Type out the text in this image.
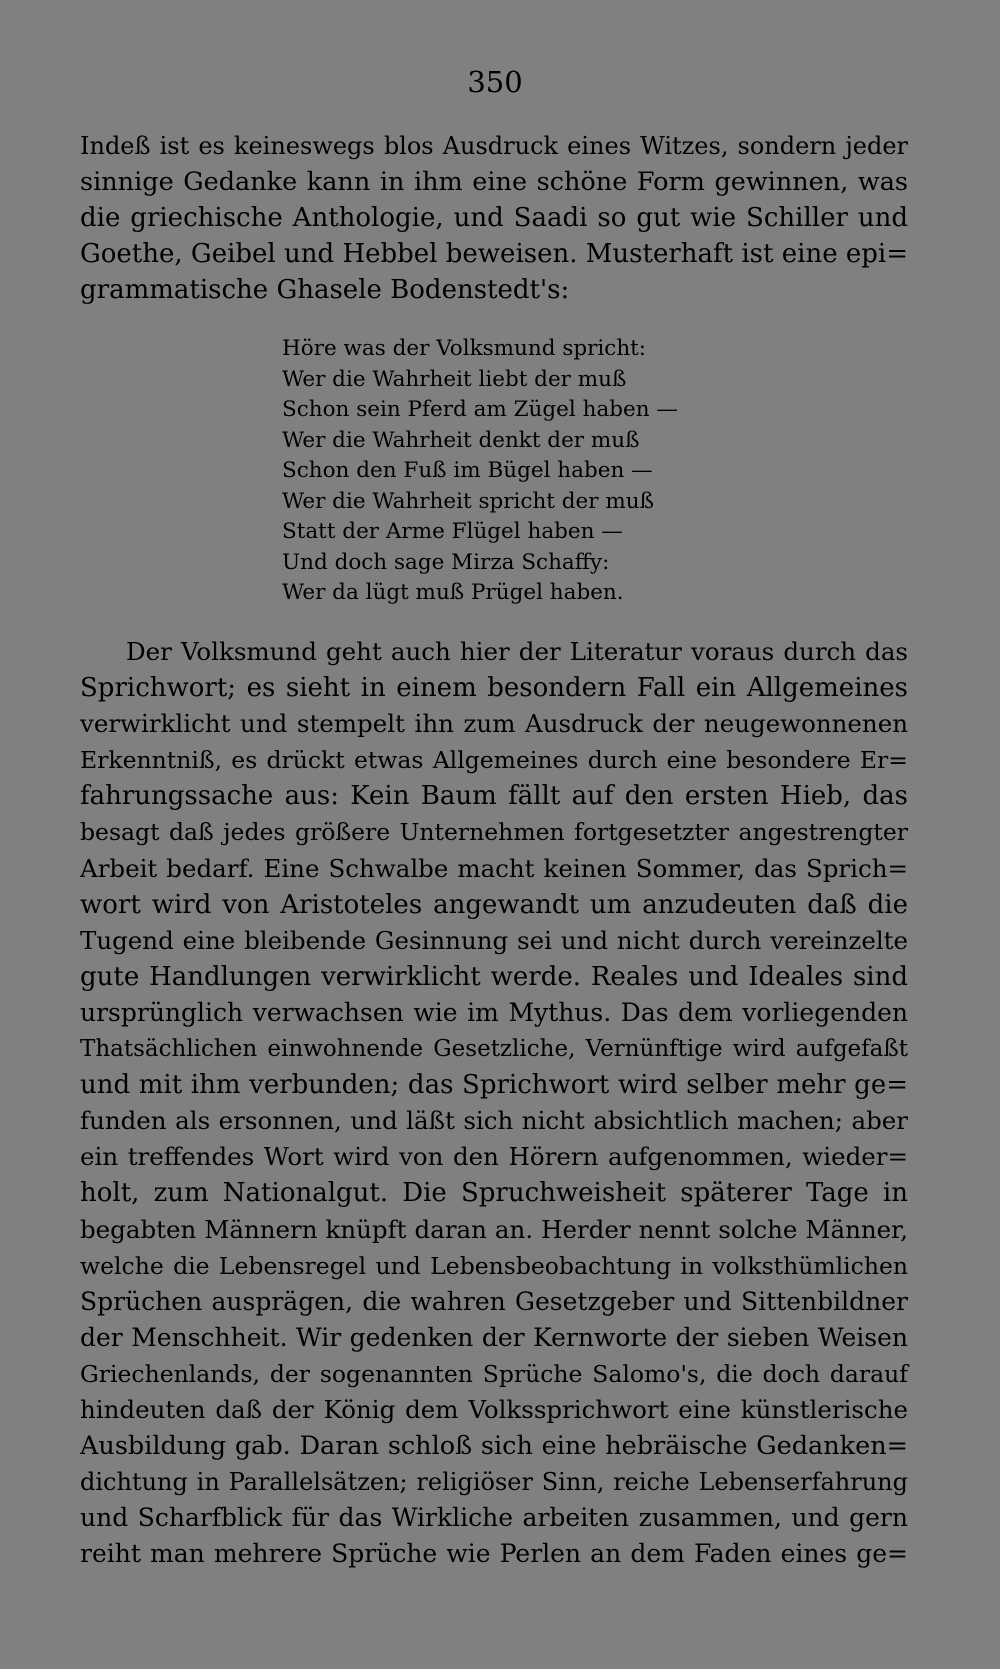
350
Indeß ist es keineswegs blos Ausdruck eines Witzes, sondern jeder
sinnige Gedanke kann in ihm eine schöne Form gewinnen, was
die griechische Anthologie, und Saadi so gut wie Schiller und
Goethe, Geibel und Hebbel beweisen. Musterhaft ist eine epi=
grammatische Ghasele Bodenstedt's:
Höre was der Volksmund spricht:
Wer die Wahrheit liebt der muß
Schon sein Pferd am Zügel haben —
Wer die Wahrheit denkt der muß
Schon den Fuß im Bügel haben —
Wer die Wahrheit spricht der muß
Statt der Arme Flügel haben —
Und doch sage Mirza Schaffy:
Wer da lügt muß Prügel haben.
Der Volksmund geht auch hier der Literatur voraus durch das
Sprichwort; es sieht in einem besondern Fall ein Allgemeines
verwirklicht und stempelt ihn zum Ausdruck der neugewonnenen
Erkenntniß, es drückt etwas Allgemeines durch eine besondere Er=
fahrungssache aus: Kein Baum fällt auf den ersten Hieb, das
besagt daß jedes größere Unternehmen fortgesetzter angestrengter
Arbeit bedarf. Eine Schwalbe macht keinen Sommer, das Sprich=
wort wird von Aristoteles angewandt um anzudeuten daß die
Tugend eine bleibende Gesinnung sei und nicht durch vereinzelte
gute Handlungen verwirklicht werde. Reales und Ideales sind
ursprünglich verwachsen wie im Mythus. Das dem vorliegenden
Thatsächlichen einwohnende Gesetzliche, Vernünftige wird aufgefaßt
und mit ihm verbunden; das Sprichwort wird selber mehr ge=
funden als ersonnen, und läßt sich nicht absichtlich machen; aber
ein treffendes Wort wird von den Hörern aufgenommen, wieder=
holt, zum Nationalgut. Die Spruchweisheit späterer Tage in
begabten Männern knüpft daran an. Herder nennt solche Männer,
welche die Lebensregel und Lebensbeobachtung in volksthümlichen
Sprüchen ausprägen, die wahren Gesetzgeber und Sittenbildner
der Menschheit. Wir gedenken der Kernworte der sieben Weisen
Griechenlands, der sogenannten Sprüche Salomo's, die doch darauf
hindeuten daß der König dem Volkssprichwort eine künstlerische
Ausbildung gab. Daran schloß sich eine hebräische Gedanken=
dichtung in Parallelsätzen; religiöser Sinn, reiche Lebenserfahrung
und Scharfblick für das Wirkliche arbeiten zusammen, und gern
reiht man mehrere Sprüche wie Perlen an dem Faden eines ge=
